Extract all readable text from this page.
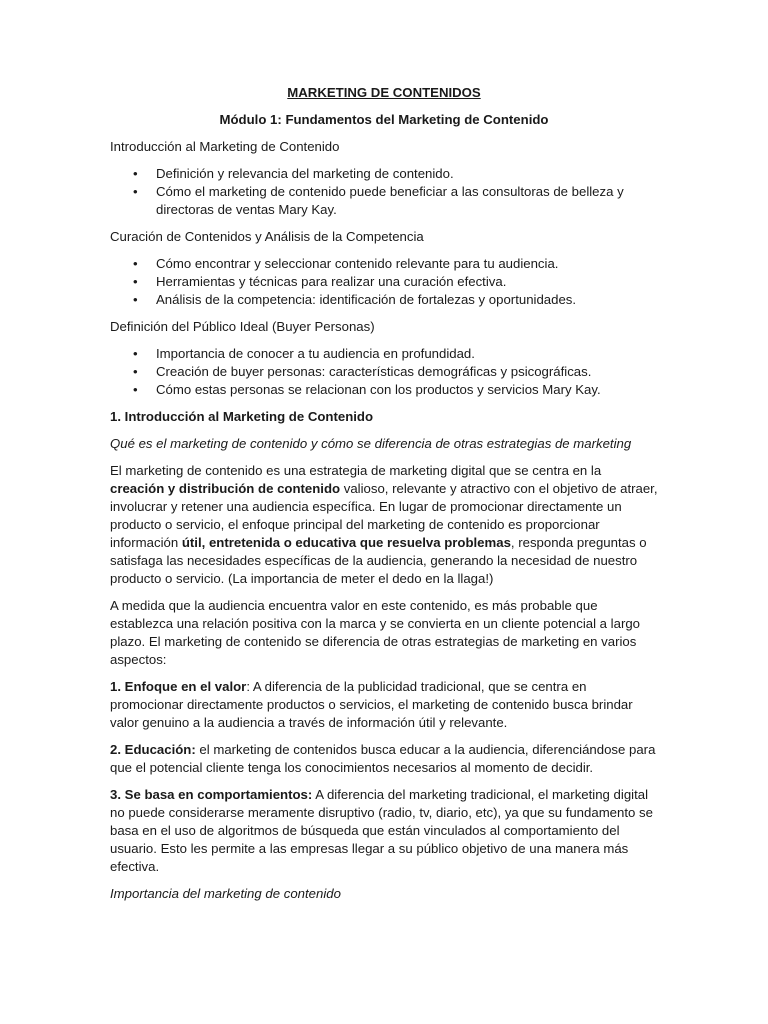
MARKETING DE CONTENIDOS
Módulo 1: Fundamentos del Marketing de Contenido
Introducción al Marketing de Contenido
• Definición y relevancia del marketing de contenido.
• Cómo el marketing de contenido puede beneficiar a las consultoras de belleza y directoras de ventas Mary Kay.
Curación de Contenidos y Análisis de la Competencia
• Cómo encontrar y seleccionar contenido relevante para tu audiencia.
• Herramientas y técnicas para realizar una curación efectiva.
• Análisis de la competencia: identificación de fortalezas y oportunidades.
Definición del Público Ideal (Buyer Personas)
• Importancia de conocer a tu audiencia en profundidad.
• Creación de buyer personas: características demográficas y psicográficas.
• Cómo estas personas se relacionan con los productos y servicios Mary Kay.
1. Introducción al Marketing de Contenido
Qué es el marketing de contenido y cómo se diferencia de otras estrategias de marketing

El marketing de contenido es una estrategia de marketing digital que se centra en la creación y distribución de contenido valioso, relevante y atractivo con el objetivo de atraer, involucrar y retener una audiencia específica. En lugar de promocionar directamente un producto o servicio, el enfoque principal del marketing de contenido es proporcionar información útil, entretenida o educativa que resuelva problemas, responda preguntas o satisfaga las necesidades específicas de la audiencia, generando la necesidad de nuestro producto o servicio. (La importancia de meter el dedo en la llaga!)

A medida que la audiencia encuentra valor en este contenido, es más probable que establezca una relación positiva con la marca y se convierta en un cliente potencial a largo plazo. El marketing de contenido se diferencia de otras estrategias de marketing en varios aspectos:

1. Enfoque en el valor: A diferencia de la publicidad tradicional, que se centra en promocionar directamente productos o servicios, el marketing de contenido busca brindar valor genuino a la audiencia a través de información útil y relevante.

2. Educación: el marketing de contenidos busca educar a la audiencia, diferenciándose para que el potencial cliente tenga los conocimientos necesarios al momento de decidir.

3. Se basa en comportamientos: A diferencia del marketing tradicional, el marketing digital no puede considerarse meramente disruptivo (radio, tv, diario, etc), ya que su fundamento se basa en el uso de algoritmos de búsqueda que están vinculados al comportamiento del usuario. Esto les permite a las empresas llegar a su público objetivo de una manera más efectiva.

Importancia del marketing de contenido
